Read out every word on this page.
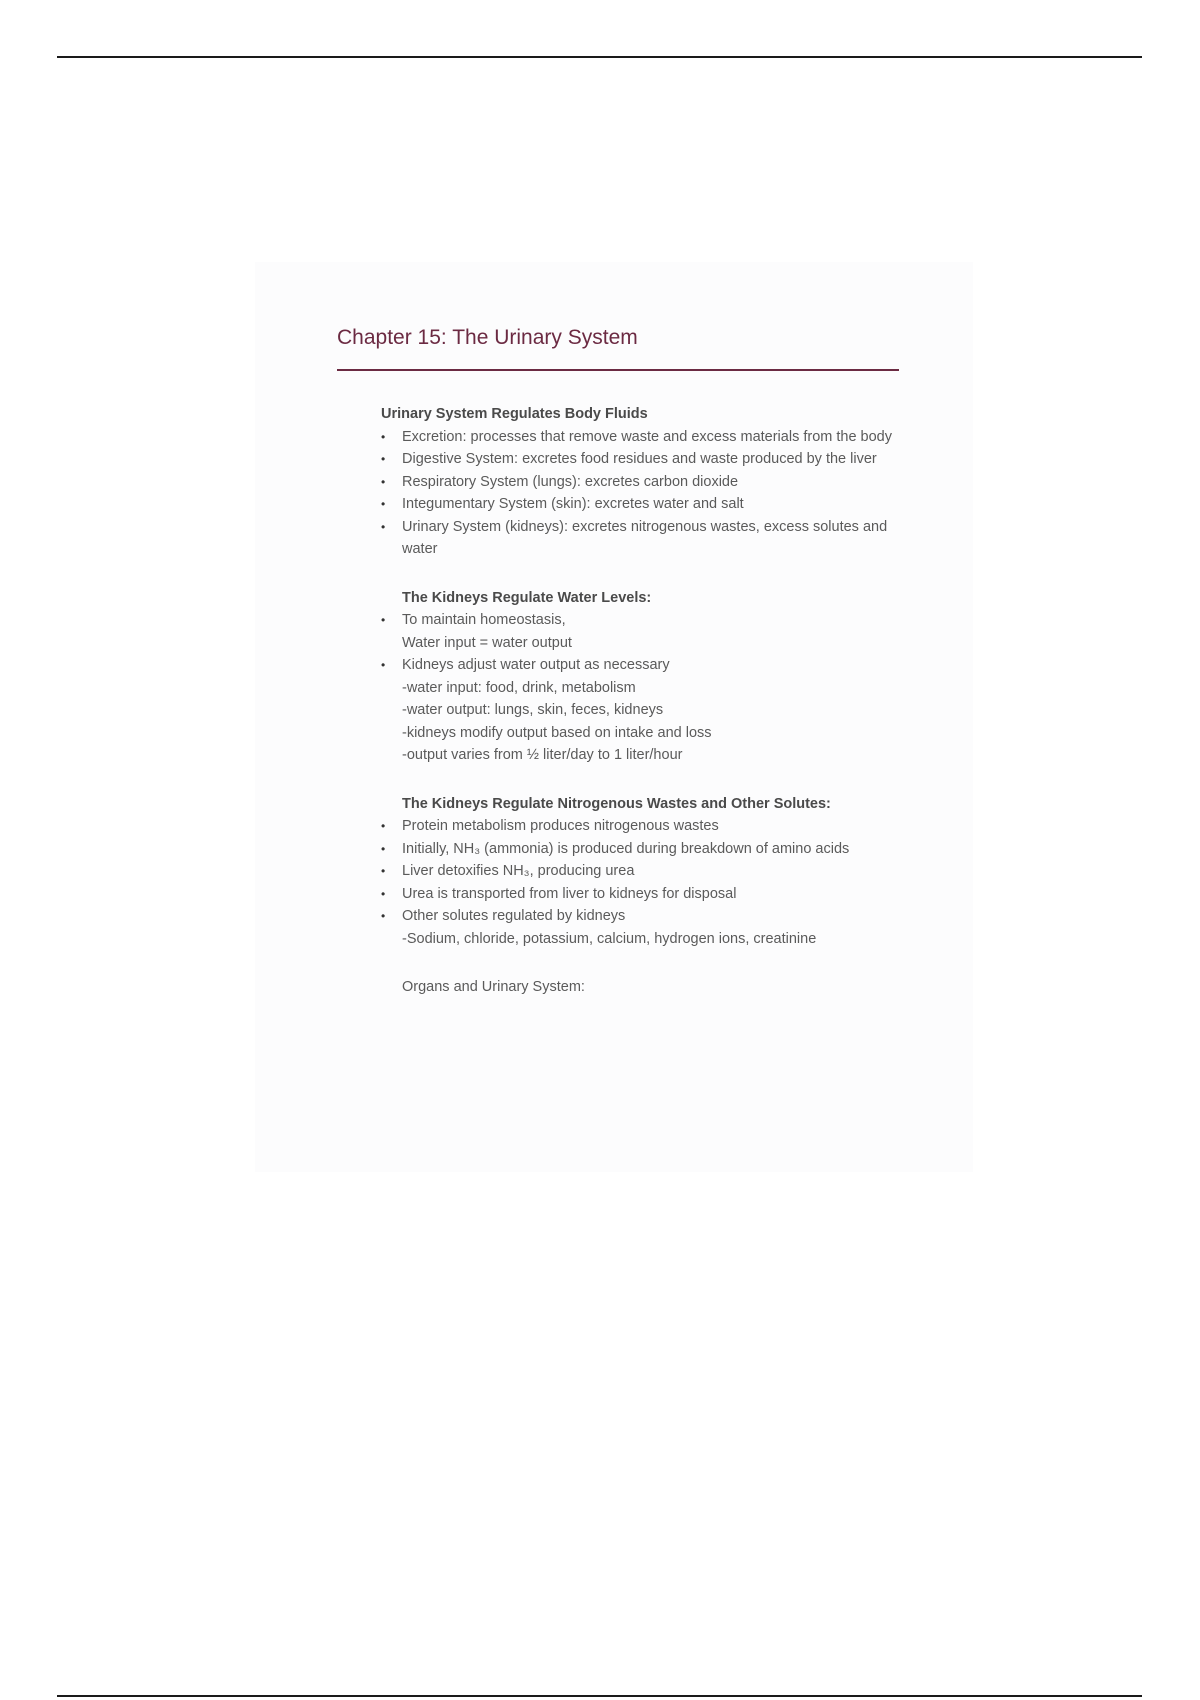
Chapter 15: The Urinary System

Urinary System Regulates Body Fluids

• Excretion: processes that remove waste and excess materials from the body
• Digestive System: excretes food residues and waste produced by the liver
• Respiratory System (lungs): excretes carbon dioxide
• Integumentary System (skin): excretes water and salt
• Urinary System (kidneys): excretes nitrogenous wastes, excess solutes and water

The Kidneys Regulate Water Levels:

• To maintain homeostasis,
Water input = water output
• Kidneys adjust water output as necessary
-water input: food, drink, metabolism
-water output: lungs, skin, feces, kidneys
-kidneys modify output based on intake and loss
-output varies from ½ liter/day to 1 liter/hour

The Kidneys Regulate Nitrogenous Wastes and Other Solutes:

• Protein metabolism produces nitrogenous wastes
• Initially, NH₃ (ammonia) is produced during breakdown of amino acids
• Liver detoxifies NH₃, producing urea
• Urea is transported from liver to kidneys for disposal
• Other solutes regulated by kidneys
-Sodium, chloride, potassium, calcium, hydrogen ions, creatinine

Organs and Urinary System:
